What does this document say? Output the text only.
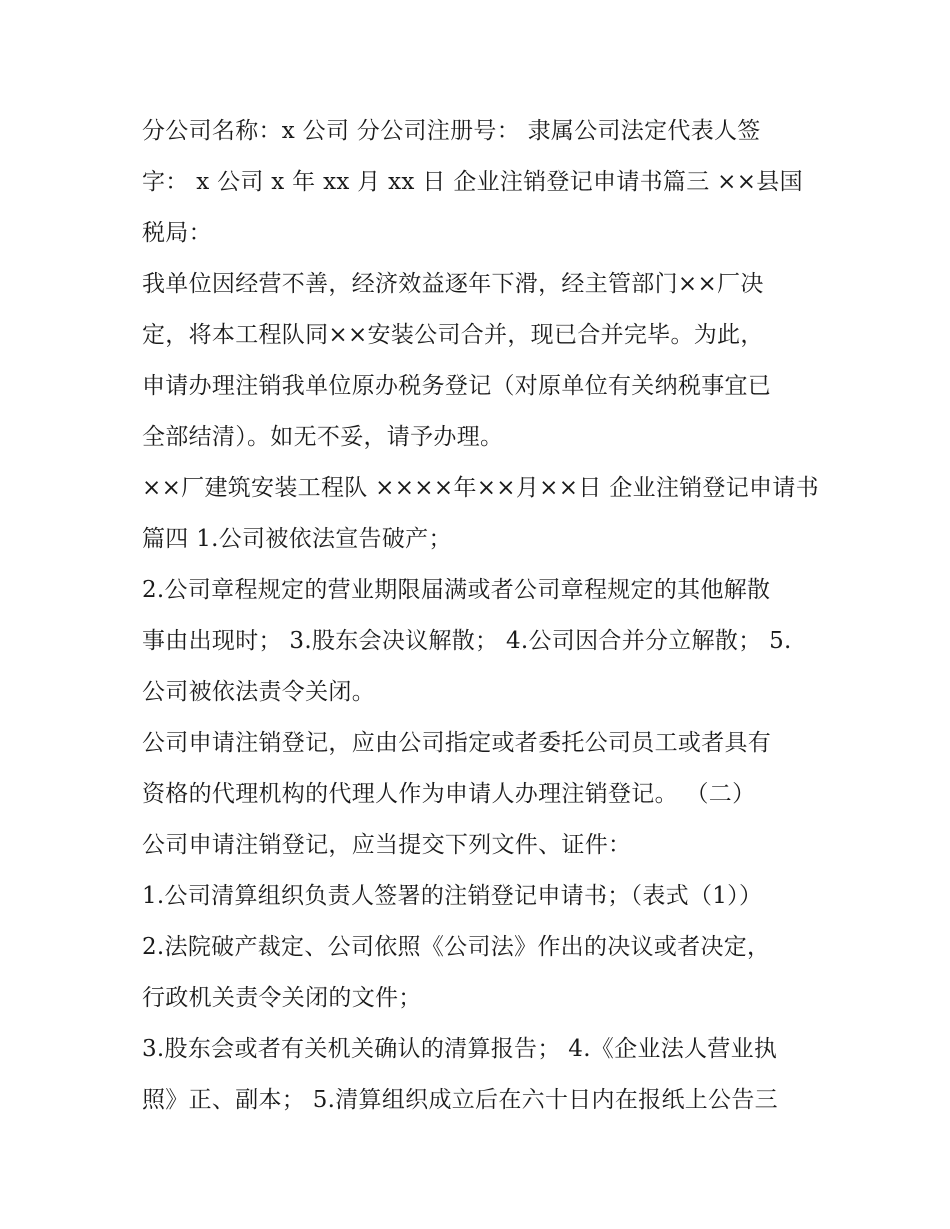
分公司名称：x 公司 分公司注册号： 隶属公司法定代表人签
字： x 公司 x 年 xx 月 xx 日 企业注销登记申请书篇三 ××县国
税局：
我单位因经营不善，经济效益逐年下滑，经主管部门××厂决
定，将本工程队同××安装公司合并，现已合并完毕。为此，
申请办理注销我单位原办税务登记（对原单位有关纳税事宜已
全部结清）。如无不妥，请予办理。
××厂建筑安装工程队 ××××年××月××日 企业注销登记申请书
篇四 1.公司被依法宣告破产；
2.公司章程规定的营业期限届满或者公司章程规定的其他解散
事由出现时； 3.股东会决议解散； 4.公司因合并分立解散； 5.
公司被依法责令关闭。
公司申请注销登记，应由公司指定或者委托公司员工或者具有
资格的代理机构的代理人作为申请人办理注销登记。 （二）
公司申请注销登记，应当提交下列文件、证件：
1.公司清算组织负责人签署的注销登记申请书；（表式（1））
2.法院破产裁定、公司依照《公司法》作出的决议或者决定，
行政机关责令关闭的文件；
3.股东会或者有关机关确认的清算报告； 4.《企业法人营业执
照》正、副本； 5.清算组织成立后在六十日内在报纸上公告三
